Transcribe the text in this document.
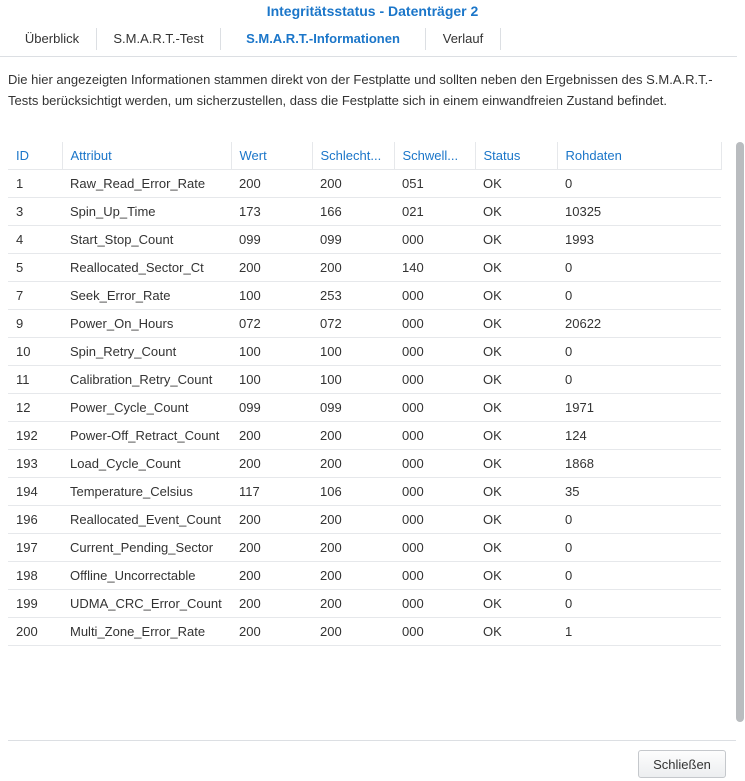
Integritätsstatus - Datenträger 2
Überblick	S.M.A.R.T.-Test	S.M.A.R.T.-Informationen	Verlauf
Die hier angezeigten Informationen stammen direkt von der Festplatte und sollten neben den Ergebnissen des S.M.A.R.T.-Tests berücksichtigt werden, um sicherzustellen, dass die Festplatte sich in einem einwandfreien Zustand befindet.
ID	Attribut	Wert	Schlecht...	Schwell...	Status	Rohdaten
1	Raw_Read_Error_Rate	200	200	051	OK	0
3	Spin_Up_Time	173	166	021	OK	10325
4	Start_Stop_Count	099	099	000	OK	1993
5	Reallocated_Sector_Ct	200	200	140	OK	0
7	Seek_Error_Rate	100	253	000	OK	0
9	Power_On_Hours	072	072	000	OK	20622
10	Spin_Retry_Count	100	100	000	OK	0
11	Calibration_Retry_Count	100	100	000	OK	0
12	Power_Cycle_Count	099	099	000	OK	1971
192	Power-Off_Retract_Count	200	200	000	OK	124
193	Load_Cycle_Count	200	200	000	OK	1868
194	Temperature_Celsius	117	106	000	OK	35
196	Reallocated_Event_Count	200	200	000	OK	0
197	Current_Pending_Sector	200	200	000	OK	0
198	Offline_Uncorrectable	200	200	000	OK	0
199	UDMA_CRC_Error_Count	200	200	000	OK	0
200	Multi_Zone_Error_Rate	200	200	000	OK	1
Schließen
